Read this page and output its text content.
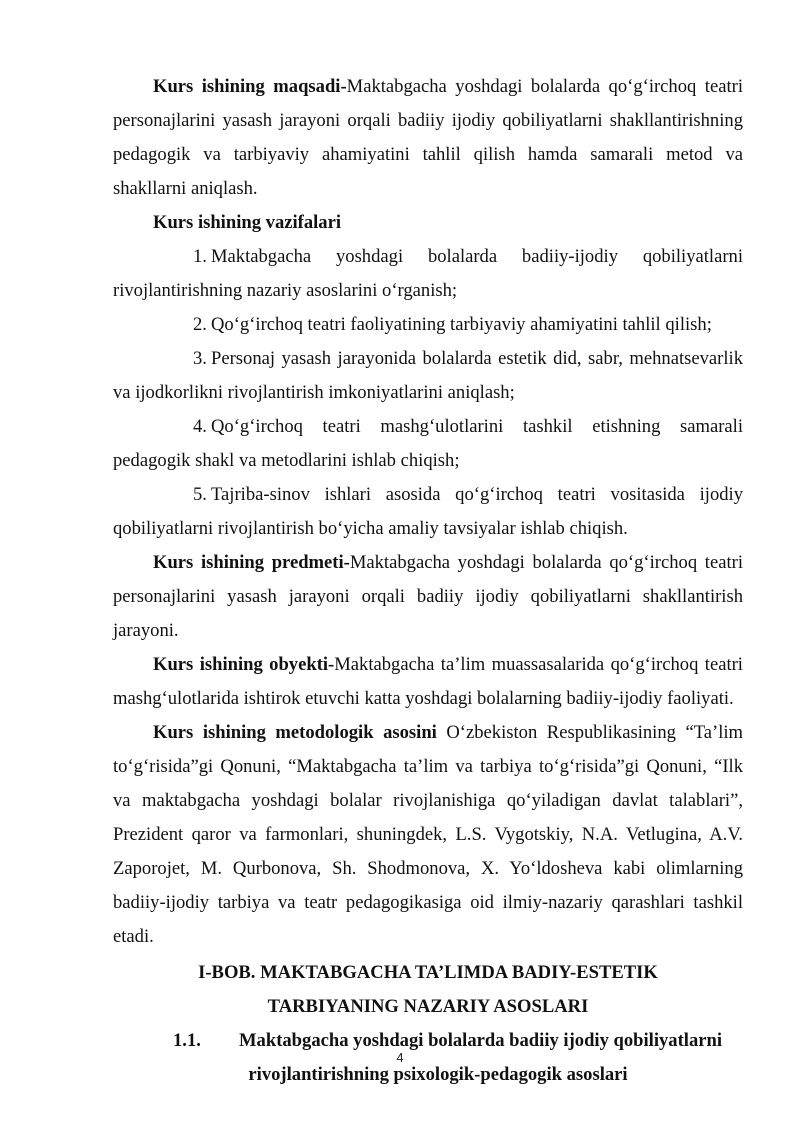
Kurs ishining maqsadi-Maktabgacha yoshdagi bolalarda qo‘g‘irchoq teatri personajlarini yasash jarayoni orqali badiiy ijodiy qobiliyatlarni shakllantirishning pedagogik va tarbiyaviy ahamiyatini tahlil qilish hamda samarali metod va shakllarni aniqlash.

Kurs ishining vazifalari

1. Maktabgacha yoshdagi bolalarda badiiy-ijodiy qobiliyatlarni rivojlantirishning nazariy asoslarini o‘rganish;

2. Qo‘g‘irchoq teatri faoliyatining tarbiyaviy ahamiyatini tahlil qilish;

3. Personaj yasash jarayonida bolalarda estetik did, sabr, mehnatsevarlik va ijodkorlikni rivojlantirish imkoniyatlarini aniqlash;

4. Qo‘g‘irchoq teatri mashg‘ulotlarini tashkil etishning samarali pedagogik shakl va metodlarini ishlab chiqish;

5. Tajriba-sinov ishlari asosida qo‘g‘irchoq teatri vositasida ijodiy qobiliyatlarni rivojlantirish bo‘yicha amaliy tavsiyalar ishlab chiqish.

Kurs ishining predmeti-Maktabgacha yoshdagi bolalarda qo‘g‘irchoq teatri personajlarini yasash jarayoni orqali badiiy ijodiy qobiliyatlarni shakllantirish jarayoni.

Kurs ishining obyekti-Maktabgacha ta’lim muassasalarida qo‘g‘irchoq teatri mashg‘ulotlarida ishtirok etuvchi katta yoshdagi bolalarning badiiy-ijodiy faoliyati.

Kurs ishining metodologik asosini O‘zbekiston Respublikasining “Ta’lim to‘g‘risida”gi Qonuni, “Maktabgacha ta’lim va tarbiya to‘g‘risida”gi Qonuni, “Ilk va maktabgacha yoshdagi bolalar rivojlanishiga qo‘yiladigan davlat talablari”, Prezident qaror va farmonlari, shuningdek, L.S. Vygotskiy, N.A. Vetlugina, A.V. Zaporojet, M. Qurbonova, Sh. Shodmonova, X. Yo‘ldosheva kabi olimlarning badiiy-ijodiy tarbiya va teatr pedagogikasiga oid ilmiy-nazariy qarashlari tashkil etadi.

I-BOB. MAKTABGACHA TA’LIMDA BADIY-ESTETIK

TARBIYANING NAZARIY ASOSLARI

1.1. Maktabgacha yoshdagi bolalarda badiiy ijodiy qobiliyatlarni

rivojlantirishning psixologik-pedagogik asoslari

4
